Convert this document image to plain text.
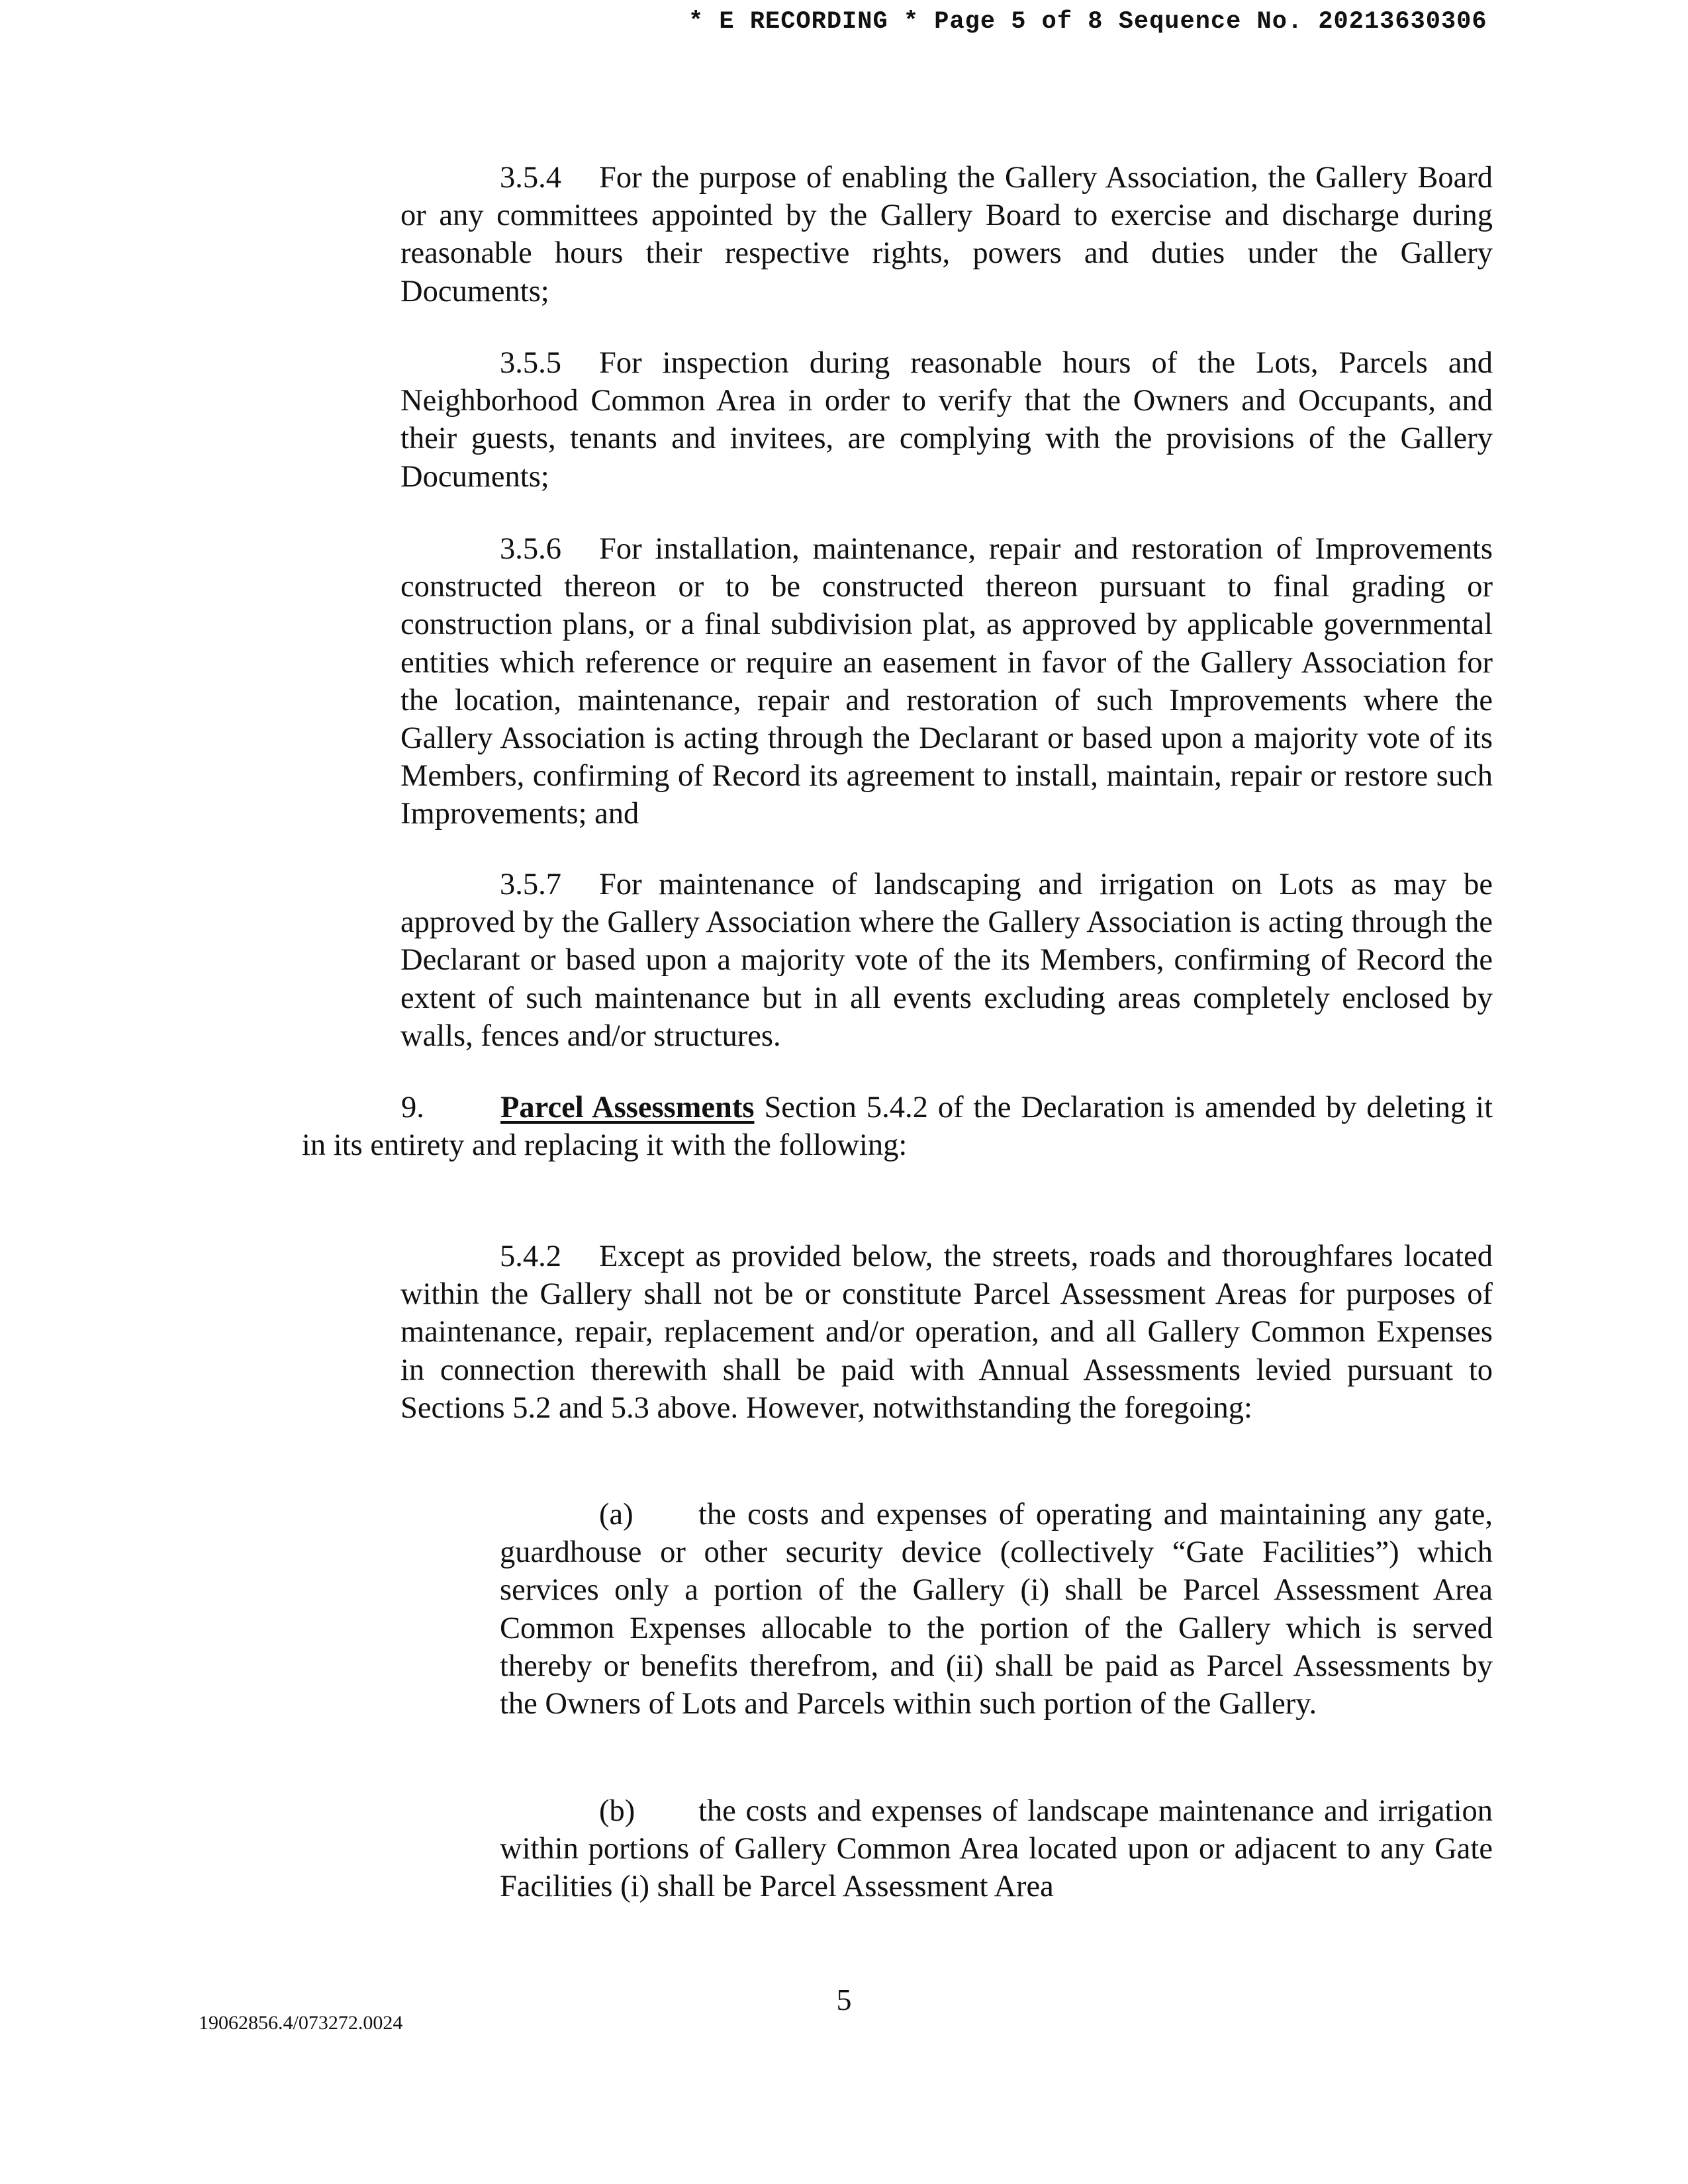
* E RECORDING * Page 5 of 8 Sequence No. 20213630306

3.5.4 For the purpose of enabling the Gallery Association, the Gallery Board or any committees appointed by the Gallery Board to exercise and discharge during reasonable hours their respective rights, powers and duties under the Gallery Documents;

3.5.5 For inspection during reasonable hours of the Lots, Parcels and Neighborhood Common Area in order to verify that the Owners and Occupants, and their guests, tenants and invitees, are complying with the provisions of the Gallery Documents;

3.5.6 For installation, maintenance, repair and restoration of Improvements constructed thereon or to be constructed thereon pursuant to final grading or construction plans, or a final subdivision plat, as approved by applicable governmental entities which reference or require an easement in favor of the Gallery Association for the location, maintenance, repair and restoration of such Improvements where the Gallery Association is acting through the Declarant or based upon a majority vote of its Members, confirming of Record its agreement to install, maintain, repair or restore such Improvements; and

3.5.7 For maintenance of landscaping and irrigation on Lots as may be approved by the Gallery Association where the Gallery Association is acting through the Declarant or based upon a majority vote of the its Members, confirming of Record the extent of such maintenance but in all events excluding areas completely enclosed by walls, fences and/or structures.

9. Parcel Assessments Section 5.4.2 of the Declaration is amended by deleting it in its entirety and replacing it with the following:

5.4.2 Except as provided below, the streets, roads and thoroughfares located within the Gallery shall not be or constitute Parcel Assessment Areas for purposes of maintenance, repair, replacement and/or operation, and all Gallery Common Expenses in connection therewith shall be paid with Annual Assessments levied pursuant to Sections 5.2 and 5.3 above. However, notwithstanding the foregoing:

(a) the costs and expenses of operating and maintaining any gate, guardhouse or other security device (collectively “Gate Facilities”) which services only a portion of the Gallery (i) shall be Parcel Assessment Area Common Expenses allocable to the portion of the Gallery which is served thereby or benefits therefrom, and (ii) shall be paid as Parcel Assessments by the Owners of Lots and Parcels within such portion of the Gallery.

(b) the costs and expenses of landscape maintenance and irrigation within portions of Gallery Common Area located upon or adjacent to any Gate Facilities (i) shall be Parcel Assessment Area

5
19062856.4/073272.0024
